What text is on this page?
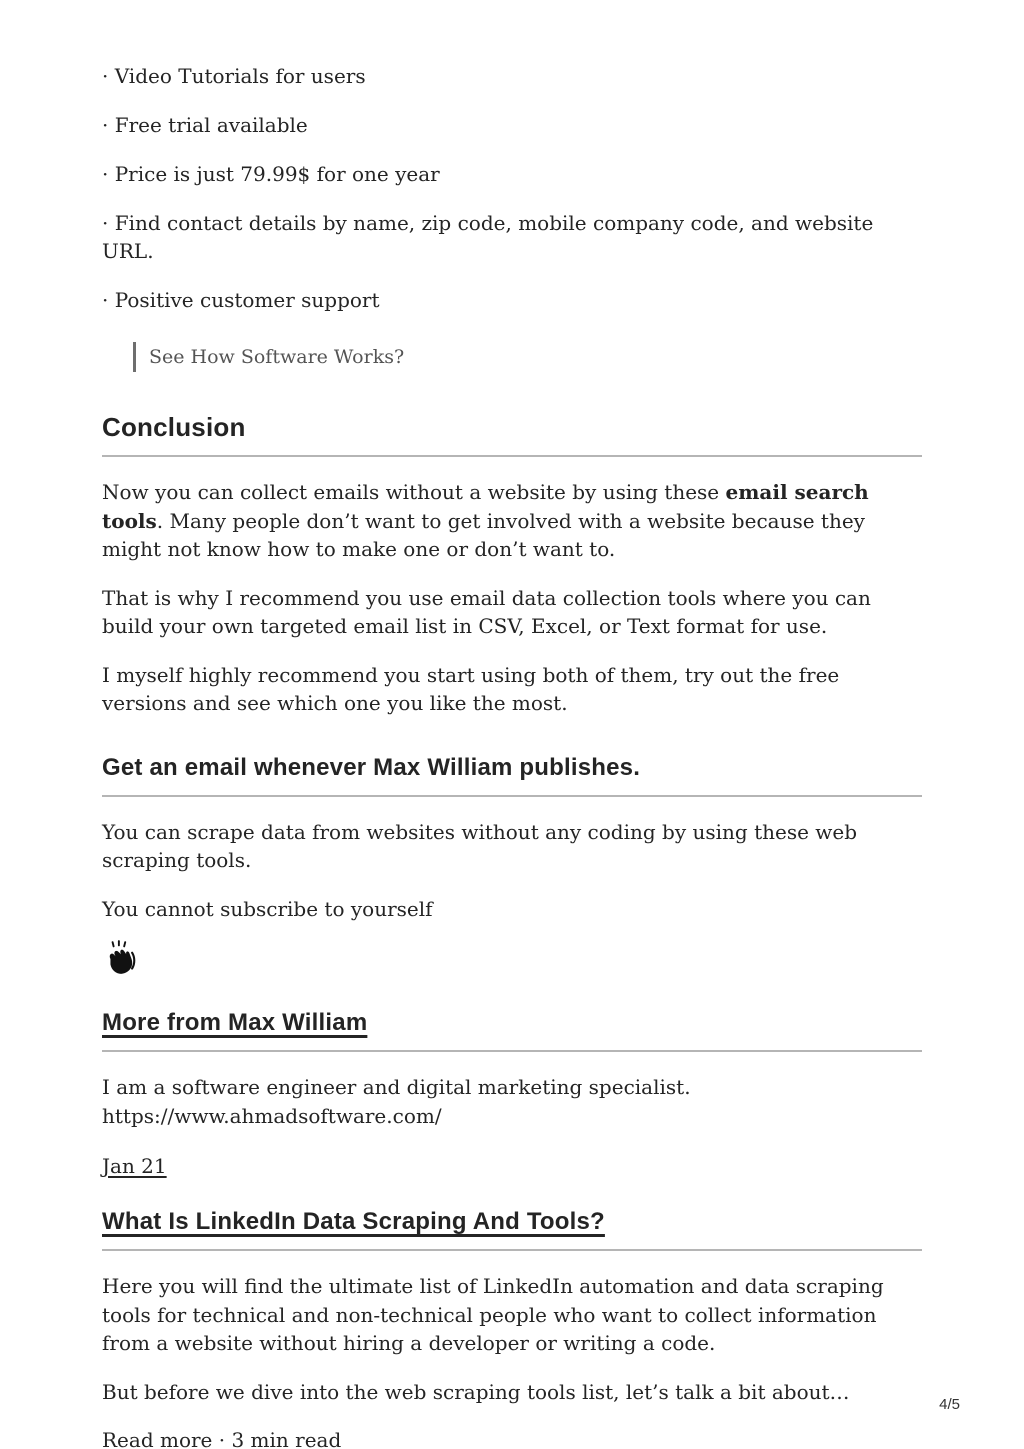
· Video Tutorials for users

· Free trial available

· Price is just 79.99$ for one year

· Find contact details by name, zip code, mobile company code, and website URL.

· Positive customer support

See How Software Works?
Conclusion

Now you can collect emails without a website by using these email search tools. Many people don’t want to get involved with a website because they might not know how to make one or don’t want to.

That is why I recommend you use email data collection tools where you can build your own targeted email list in CSV, Excel, or Text format for use.

I myself highly recommend you start using both of them, try out the free versions and see which one you like the most.

Get an email whenever Max William publishes.

You can scrape data from websites without any coding by using these web scraping tools.

You cannot subscribe to yourself

More from Max William

I am a software engineer and digital marketing specialist.
https://www.ahmadsoftware.com/

Jan 21
What Is LinkedIn Data Scraping And Tools?

Here you will find the ultimate list of LinkedIn automation and data scraping tools for technical and non-technical people who want to collect information from a website without hiring a developer or writing a code.

But before we dive into the web scraping tools list, let’s talk a bit about…

Read more · 3 min read
4/5
